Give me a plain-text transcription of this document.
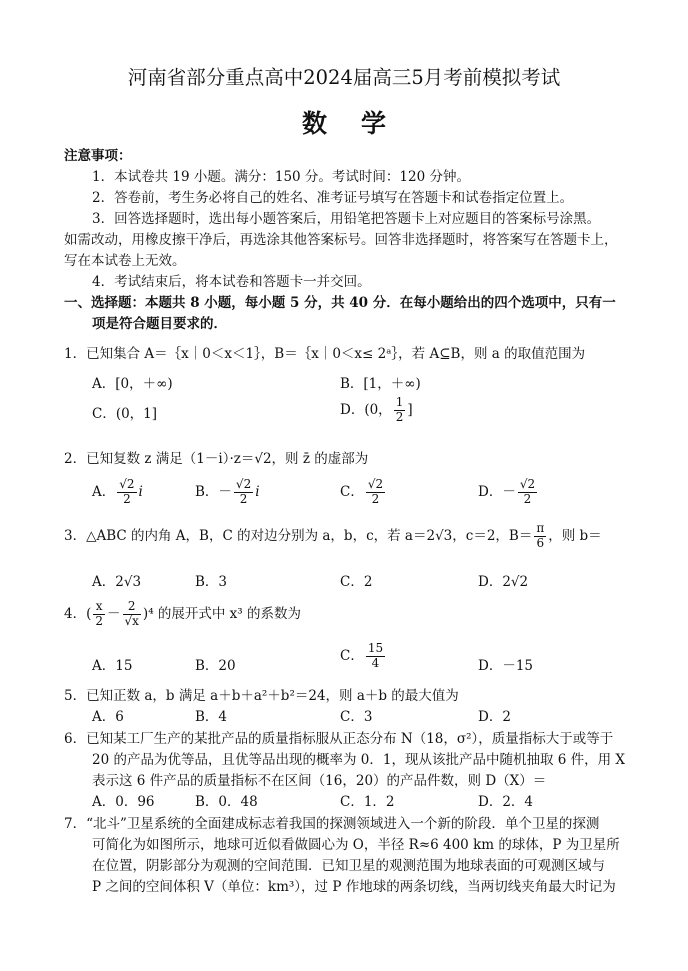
河南省部分重点高中2024届高三5月考前模拟考试
数学
注意事项：
1．本试卷共 19 小题。满分：150 分。考试时间：120 分钟。
2．答卷前，考生务必将自己的姓名、准考证号填写在答题卡和试卷指定位置上。
3．回答选择题时，选出每小题答案后，用铅笔把答题卡上对应题目的答案标号涂黑。
如需改动，用橡皮擦干净后，再选涂其他答案标号。回答非选择题时，将答案写在答题卡上，
写在本试卷上无效。
4．考试结束后，将本试卷和答题卡一并交回。
一、选择题：本题共 8 小题，每小题 5 分，共 40 分．在每小题给出的四个选项中，只有一
项是符合题目要求的．
1．已知集合 A＝｛x｜0＜x＜1｝，B＝｛x｜0＜x≤ 2ᵃ｝，若 A⊆B，则 a 的取值范围为
A．[0，＋∞)	B．[1，＋∞)
C．(0，1]	D．(0， $\frac{1}{2}$ ]
2．已知复数 z 满足（1－i）·z＝√2，则 z̄ 的虚部为
A． $\frac{√2}{2}$ i	B．－ $\frac{√2}{2}$ i	C． $\frac{√2}{2}$	D．－ $\frac{√2}{2}$
3．△ABC 的内角 A，B，C 的对边分别为 a，b，c，若 a＝2√3，c＝2，$B= \frac{\pi}{6}$ ，则 b＝
A．2√3	B．3	C．2	D．2√2
4．( $\frac{x}{2} - \frac{2}{√x} )^4$ 的展开式中 x³ 的系数为
A．15	B．20
C． $\frac{15}{4}$	D．－15
5．已知正数 a，b 满足 a＋b＋a²＋b²＝24，则 a＋b 的最大值为
A．6	B．4	C．3	D．2
6．已知某工厂生产的某批产品的质量指标服从正态分布 N（18，σ²），质量指标大于或等于
20 的产品为优等品，且优等品出现的概率为 0．1，现从该批产品中随机抽取 6 件，用 X
表示这 6 件产品的质量指标不在区间（16，20）的产品件数，则 D（X）＝
A．0．96	B．0．48	C．1．2	D．2．4
7．“北斗”卫星系统的全面建成标志着我国的探测领域进入一个新的阶段．单个卫星的探测
可简化为如图所示，地球可近似看做圆心为 O，半径 R≈6 400 km 的球体，P 为卫星所
在位置，阴影部分为观测的空间范围．已知卫星的观测范围为地球表面的可观测区域与
P 之间的空间体积 V（单位：km³），过 P 作地球的两条切线，当两切线夹角最大时记为
